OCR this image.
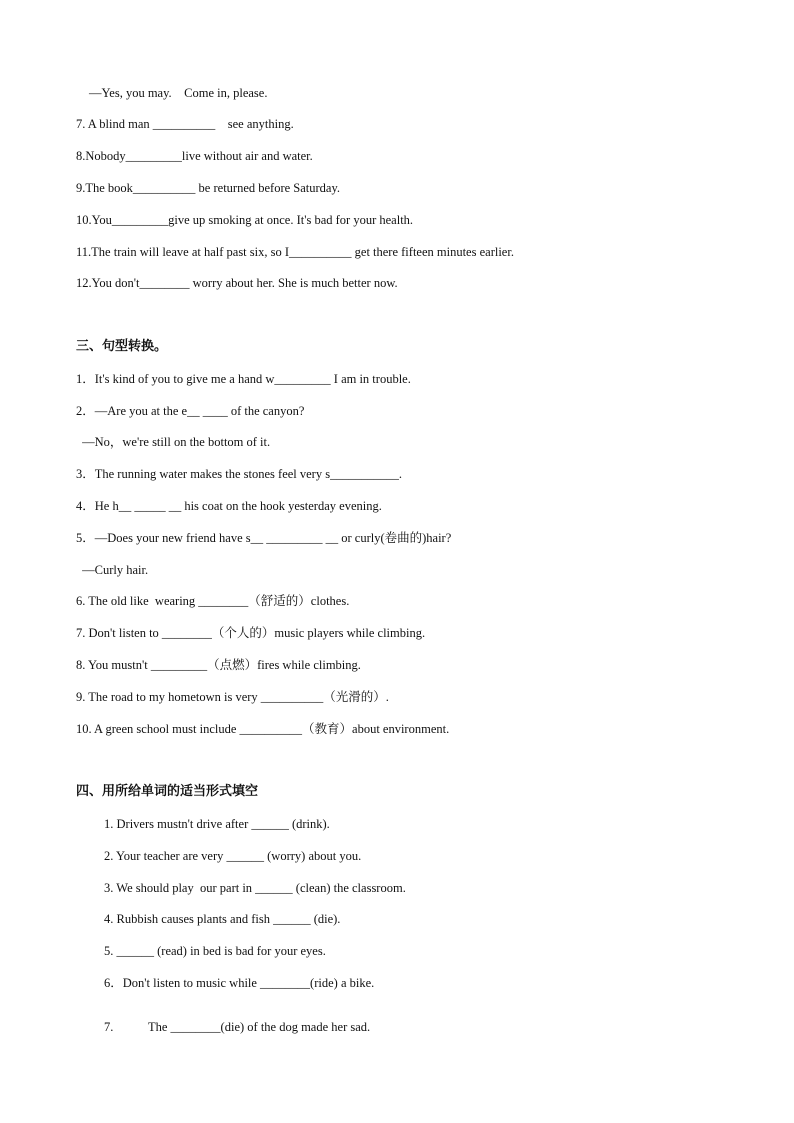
—Yes, you may.    Come in, please.
7. A blind man __________    see anything.
8.Nobody_________live without air and water.
9.The book__________ be returned before Saturday.
10.You_________give up smoking at once. It's bad for your health.
11.The train will leave at half past six, so I__________ get there fifteen minutes earlier.
12.You don't________ worry about her. She is much better now.
三、句型转换。
1．It's kind of you to give me a hand w_________ I am in trouble.
2．—Are you at the e__ ____ of the canyon?
—No，we're still on the bottom of it.
3．The running water makes the stones feel very s___________.
4．He h__ _____ __ his coat on the hook yesterday evening.
5．—Does your new friend have s__ _________ __ or curly(卷曲的)hair?
—Curly hair.
6. The old like  wearing ________（舒适的）clothes.
7. Don't listen to ________（个人的）music players while climbing.
8. You mustn't _________（点燃）fires while climbing.
9. The road to my hometown is very __________（光滑的）.
10. A green school must include __________（教育）about environment.
四、用所给单词的适当形式填空
1. Drivers mustn't drive after ______ (drink).
2. Your teacher are very ______ (worry) about you.
3. We should play  our part in ______ (clean) the classroom.
4. Rubbish causes plants and fish ______ (die).
5. ______ (read) in bed is bad for your eyes.
6．Don't listen to music while ________(ride) a bike.
7.	The ________(die) of the dog made her sad.
